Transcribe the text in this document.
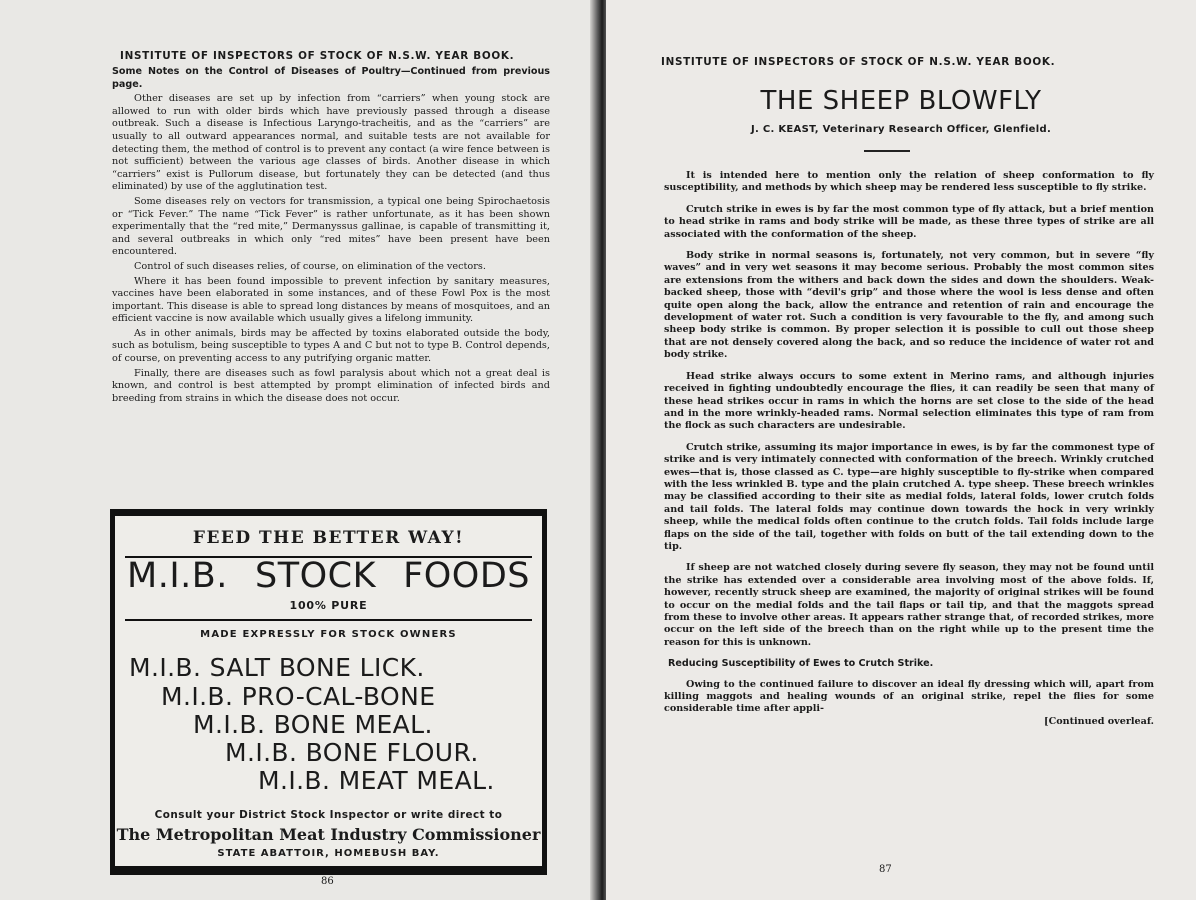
INSTITUTE OF INSPECTORS OF STOCK OF N.S.W. YEAR BOOK.

Some Notes on the Control of Diseases of Poultry—Continued from previous page.

Other diseases are set up by infection from “carriers” when young stock are allowed to run with older birds which have previously passed through a disease outbreak. Such a disease is Infectious Laryngo-tracheitis, and as the “carriers” are usually to all outward appearances normal, and suitable tests are not available for detecting them, the method of control is to prevent any contact (a wire fence between is not sufficient) between the various age classes of birds. Another disease in which “carriers” exist is Pullorum disease, but fortunately they can be detected (and thus eliminated) by use of the agglutination test.

Some diseases rely on vectors for transmission, a typical one being Spirochaetosis or “Tick Fever.” The name “Tick Fever” is rather unfortunate, as it has been shown experimentally that the “red mite,” Dermanyssus gallinae, is capable of transmitting it, and several outbreaks in which only “red mites” have been present have been encountered.

Control of such diseases relies, of course, on elimination of the vectors.

Where it has been found impossible to prevent infection by sanitary measures, vaccines have been elaborated in some instances, and of these Fowl Pox is the most important. This disease is able to spread long distances by means of mosquitoes, and an efficient vaccine is now available which usually gives a lifelong immunity.

As in other animals, birds may be affected by toxins elaborated outside the body, such as botulism, being susceptible to types A and C but not to type B. Control depends, of course, on preventing access to any putrifying organic matter.

Finally, there are diseases such as fowl paralysis about which not a great deal is known, and control is best attempted by prompt elimination of infected birds and breeding from strains in which the disease does not occur.

FEED THE BETTER WAY!
M.I.B. STOCK FOODS
100% PURE
MADE EXPRESSLY FOR STOCK OWNERS
M.I.B. SALT BONE LICK.
M.I.B. PRO-CAL-BONE
M.I.B. BONE MEAL.
M.I.B. BONE FLOUR.
M.I.B. MEAT MEAL.
Consult your District Stock Inspector or write direct to
The Metropolitan Meat Industry Commissioner
STATE ABATTOIR, HOMEBUSH BAY.
86
INSTITUTE OF INSPECTORS OF STOCK OF N.S.W. YEAR BOOK.
THE SHEEP BLOWFLY
J. C. KEAST, Veterinary Research Officer, Glenfield.

It is intended here to mention only the relation of sheep conformation to fly susceptibility, and methods by which sheep may be rendered less susceptible to fly strike.

Crutch strike in ewes is by far the most common type of fly attack, but a brief mention to head strike in rams and body strike will be made, as these three types of strike are all associated with the conformation of the sheep.

Body strike in normal seasons is, fortunately, not very common, but in severe “fly waves” and in very wet seasons it may become serious. Probably the most common sites are extensions from the withers and back down the sides and down the shoulders. Weak-backed sheep, those with “devil's grip” and those where the wool is less dense and often quite open along the back, allow the entrance and retention of rain and encourage the development of water rot. Such a condition is very favourable to the fly, and among such sheep body strike is common. By proper selection it is possible to cull out those sheep that are not densely covered along the back, and so reduce the incidence of water rot and body strike.

Head strike always occurs to some extent in Merino rams, and although injuries received in fighting undoubtedly encourage the flies, it can readily be seen that many of these head strikes occur in rams in which the horns are set close to the side of the head and in the more wrinkly-headed rams. Normal selection eliminates this type of ram from the flock as such characters are undesirable.

Crutch strike, assuming its major importance in ewes, is by far the commonest type of strike and is very intimately connected with conformation of the breech. Wrinkly crutched ewes—that is, those classed as C. type—are highly susceptible to fly-strike when compared with the less wrinkled B. type and the plain crutched A. type sheep. These breech wrinkles may be classified according to their site as medial folds, lateral folds, lower crutch folds and tail folds. The lateral folds may continue down towards the hock in very wrinkly sheep, while the medical folds often continue to the crutch folds. Tail folds include large flaps on the side of the tail, together with folds on butt of the tail extending down to the tip.

If sheep are not watched closely during severe fly season, they may not be found until the strike has extended over a considerable area involving most of the above folds. If, however, recently struck sheep are examined, the majority of original strikes will be found to occur on the medial folds and the tail flaps or tail tip, and that the maggots spread from these to involve other areas. It appears rather strange that, of recorded strikes, more occur on the left side of the breech than on the right while up to the present time the reason for this is unknown.

Reducing Susceptibility of Ewes to Crutch Strike.

Owing to the continued failure to discover an ideal fly dressing which will, apart from killing maggots and healing wounds of an original strike, repel the flies for some considerable time after appli-

[Continued overleaf.

87
